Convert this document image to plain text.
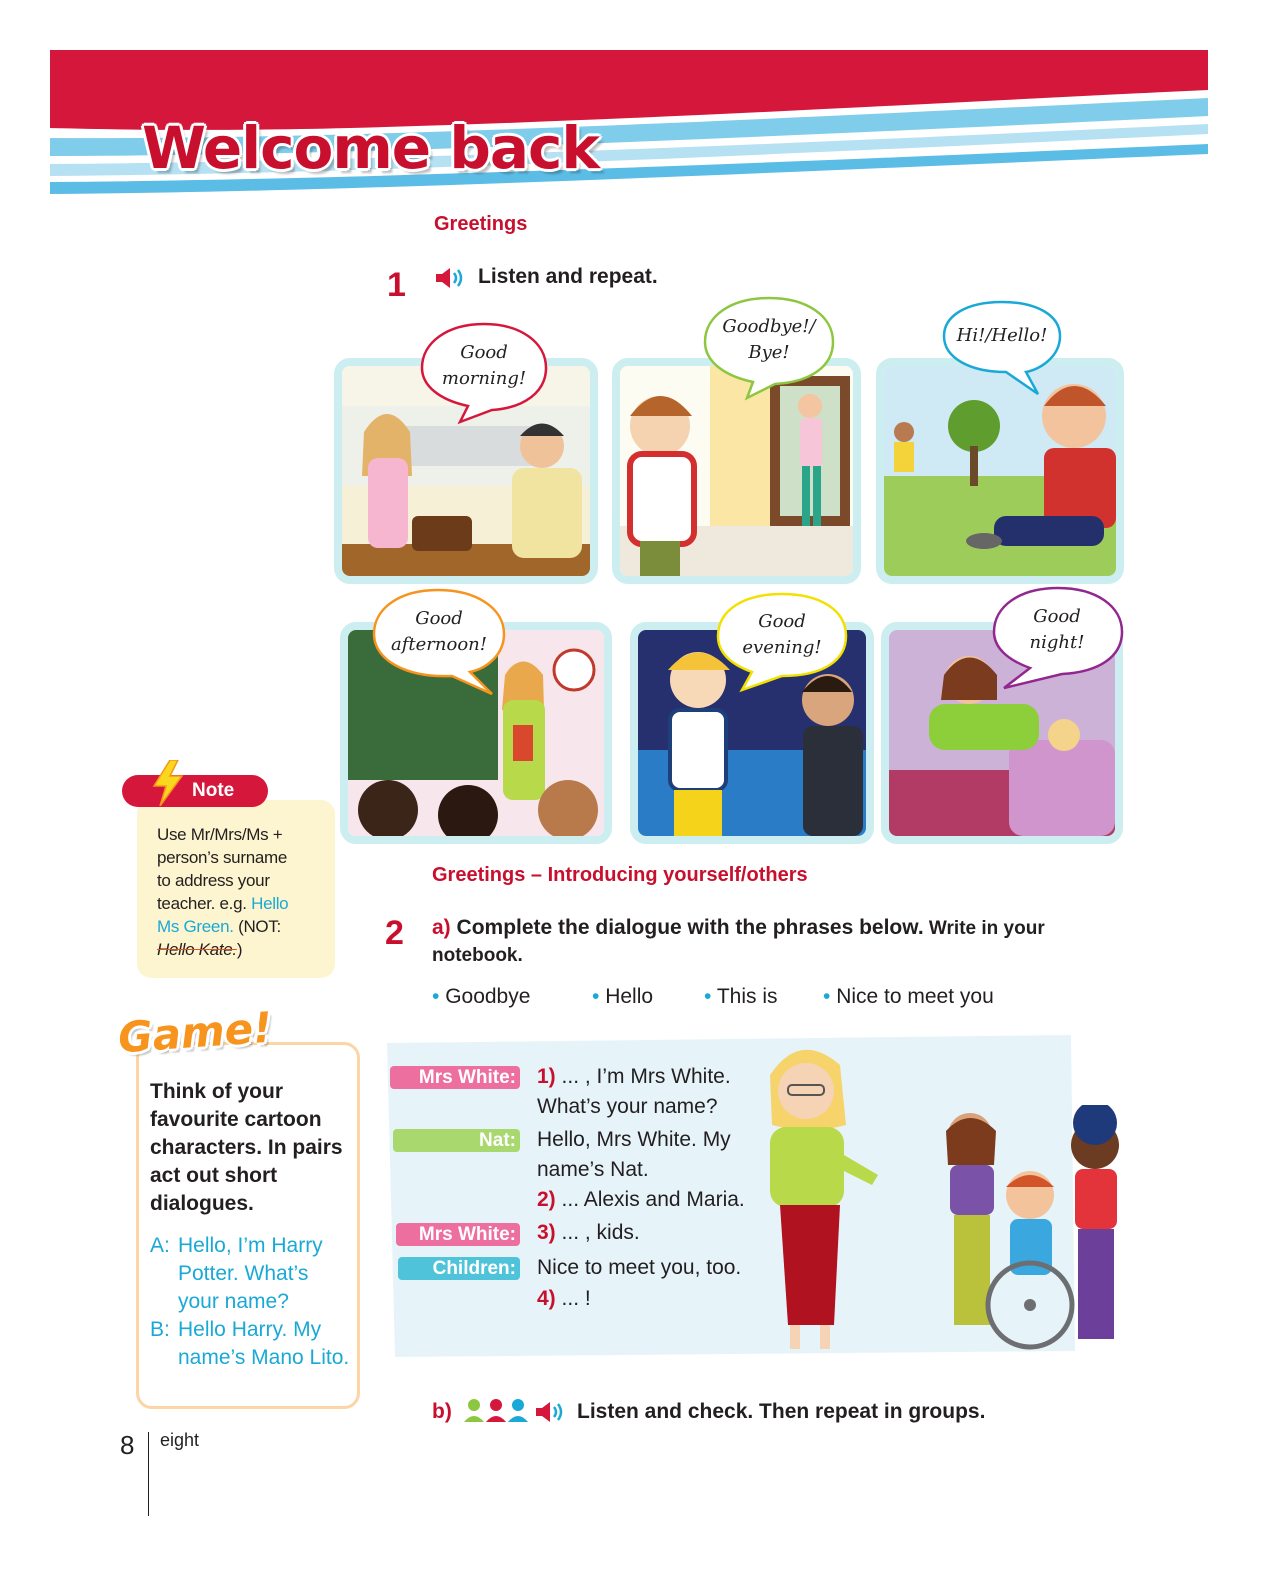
Welcome back
Greetings
1	Listen and repeat.
Good
morning!
Goodbye!/
Bye!
Hi!/Hello!
Good
afternoon!
Good
evening!
Good
night!
Note
Use Mr/Mrs/Ms +
person’s surname
to address your
teacher. e.g. Hello
Ms Green. (NOT:
Hello Kate.)
Game!
Think of your favourite cartoon characters. In pairs act out short dialogues.
A: Hello, I’m Harry Potter. What’s your name?
B: Hello Harry. My name’s Mano Lito.
Greetings – Introducing yourself/others
2 a) Complete the dialogue with the phrases below. Write in your
notebook.
• Goodbye	• Hello • This is • Nice to meet you
Mrs White: 1) ... , I’m Mrs White.
What’s your name?
Nat: Hello, Mrs White. My
name’s Nat.
2) ... Alexis and Maria.
Mrs White: 3) ... , kids.
Children: Nice to meet you, too.
4) ... !
b)	Listen and check. Then repeat in groups.
8 eight
